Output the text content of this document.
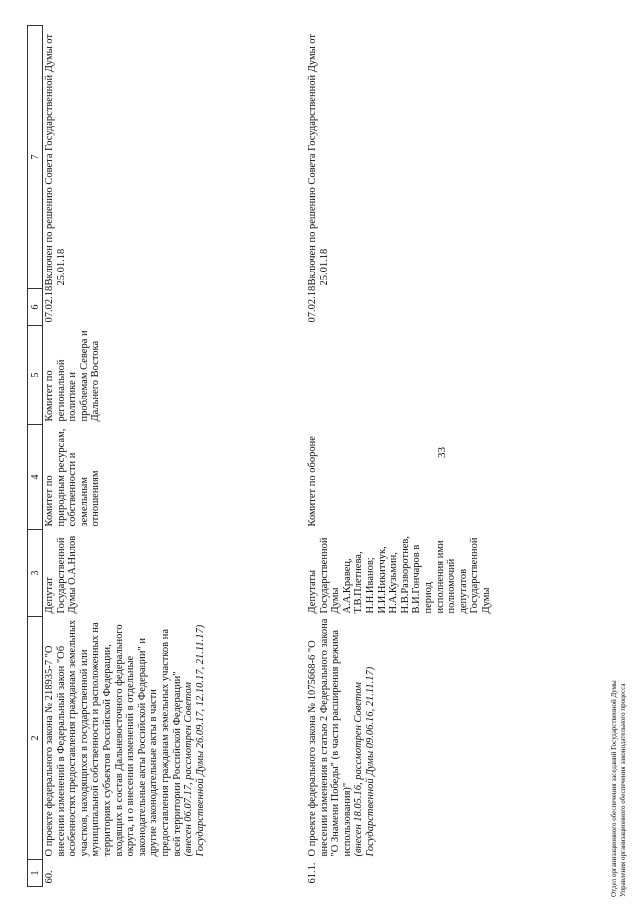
33
1	2	3	4	5	6	7
60.	О проекте федерального закона № 218935-7 "О внесении изменений в Федеральный закон "Об особенностях предоставления гражданам земельных участков, находящихся в государственной или муниципальной собственности и расположенных на территориях субъектов Российской Федерации, входящих в состав Дальневосточного федерального округа, и о внесении изменений в отдельные законодательные акты Российской Федерации" и другие законодательные акты в части предоставления гражданам земельных участков на всей территории Российской Федерации" (внесен 06.07.17, рассмотрен Советом Государственной Думы 26.09.17, 12.10.17, 21.11.17)	Депутат Государственной Думы О.А.Нилов	Комитет по природным ресурсам, собственности и земельным отношениям	Комитет по региональной политике и проблемам Севера и Дальнего Востока	07.02.18	Включен по решению Совета Государственной Думы от 25.01.18
61.1.	О проекте федерального закона № 1075668-6 "О внесении изменения в статью 2 Федерального закона "О Знамени Победы" (в части расширения режима использования)" (внесен 18.05.16, рассмотрен Советом Государственной Думы 09.06.16, 21.11.17)	Депутаты Государственной Думы А.А.Кравец, Т.В.Плетнева, Н.Н.Иванов; И.И.Никитчук, Н.А.Кузьмин, Н.В.Разворотнев, В.И.Гончаров в период исполнения ими полномочий депутатов Государственной Думы	Комитет по обороне		07.02.18	Включен по решению Совета Государственной Думы от 25.01.18
Отдел организационного обеспечения заседаний Государственной Думы Управления организационного обеспечения законодательного процесса
